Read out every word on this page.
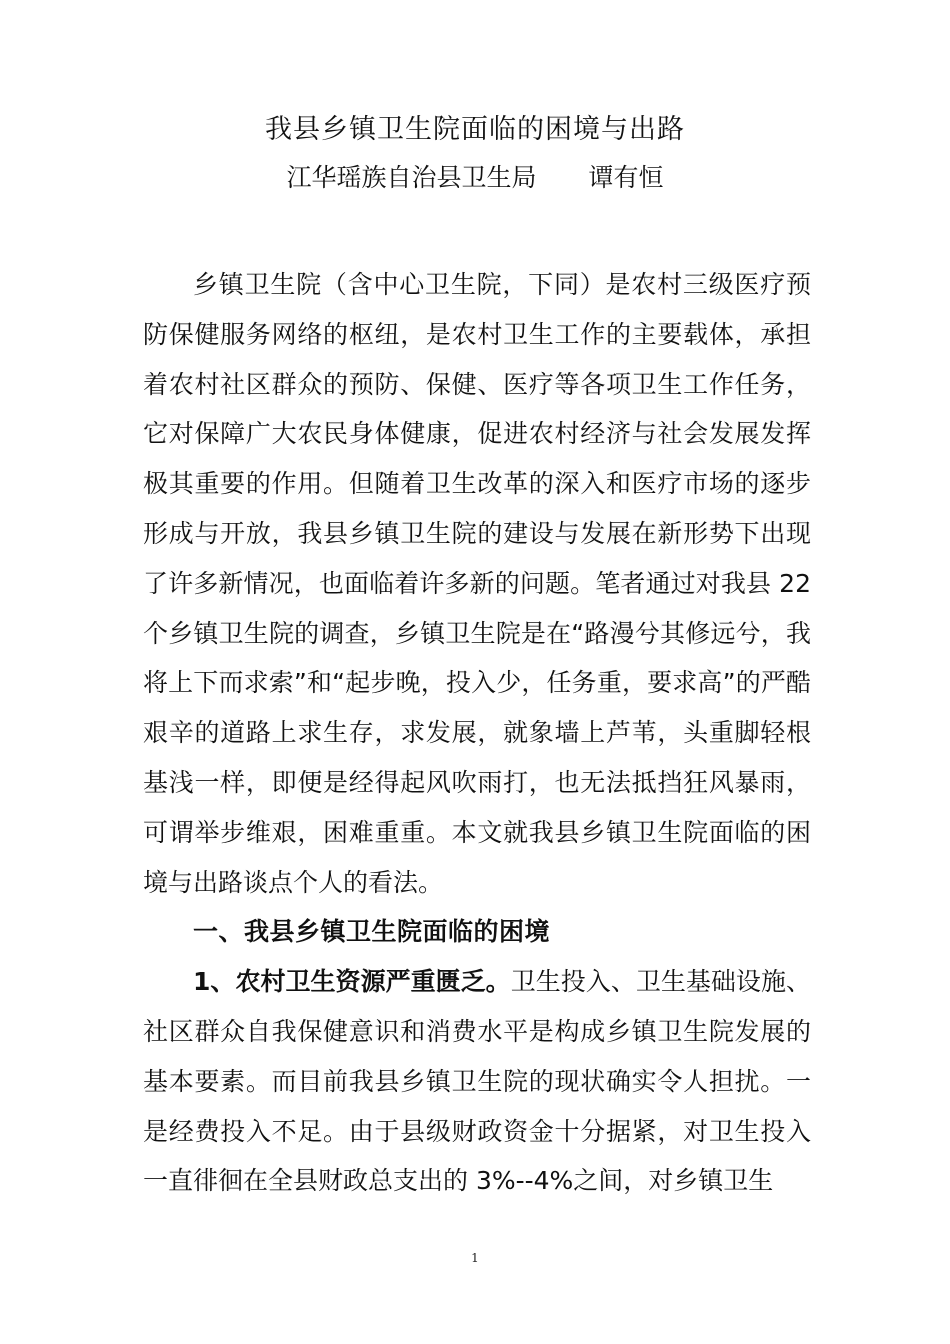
我县乡镇卫生院面临的困境与出路
江华瑶族自治县卫生局 谭有恒

乡镇卫生院（含中心卫生院，下同）是农村三级医疗预防保健服务网络的枢纽，是农村卫生工作的主要载体，承担着农村社区群众的预防、保健、医疗等各项卫生工作任务，它对保障广大农民身体健康，促进农村经济与社会发展发挥极其重要的作用。但随着卫生改革的深入和医疗市场的逐步形成与开放，我县乡镇卫生院的建设与发展在新形势下出现了许多新情况，也面临着许多新的问题。笔者通过对我县 22 个乡镇卫生院的调查，乡镇卫生院是在“路漫兮其修远兮，我将上下而求索”和“起步晚，投入少，任务重，要求高”的严酷艰辛的道路上求生存，求发展，就象墙上芦苇，头重脚轻根基浅一样，即便是经得起风吹雨打，也无法抵挡狂风暴雨，可谓举步维艰，困难重重。本文就我县乡镇卫生院面临的困境与出路谈点个人的看法。

一、我县乡镇卫生院面临的困境

1、农村卫生资源严重匮乏。卫生投入、卫生基础设施、社区群众自我保健意识和消费水平是构成乡镇卫生院发展的基本要素。而目前我县乡镇卫生院的现状确实令人担扰。一是经费投入不足。由于县级财政资金十分据紧，对卫生投入一直徘徊在全县财政总支出的 3%--4%之间，对乡镇卫生

1
